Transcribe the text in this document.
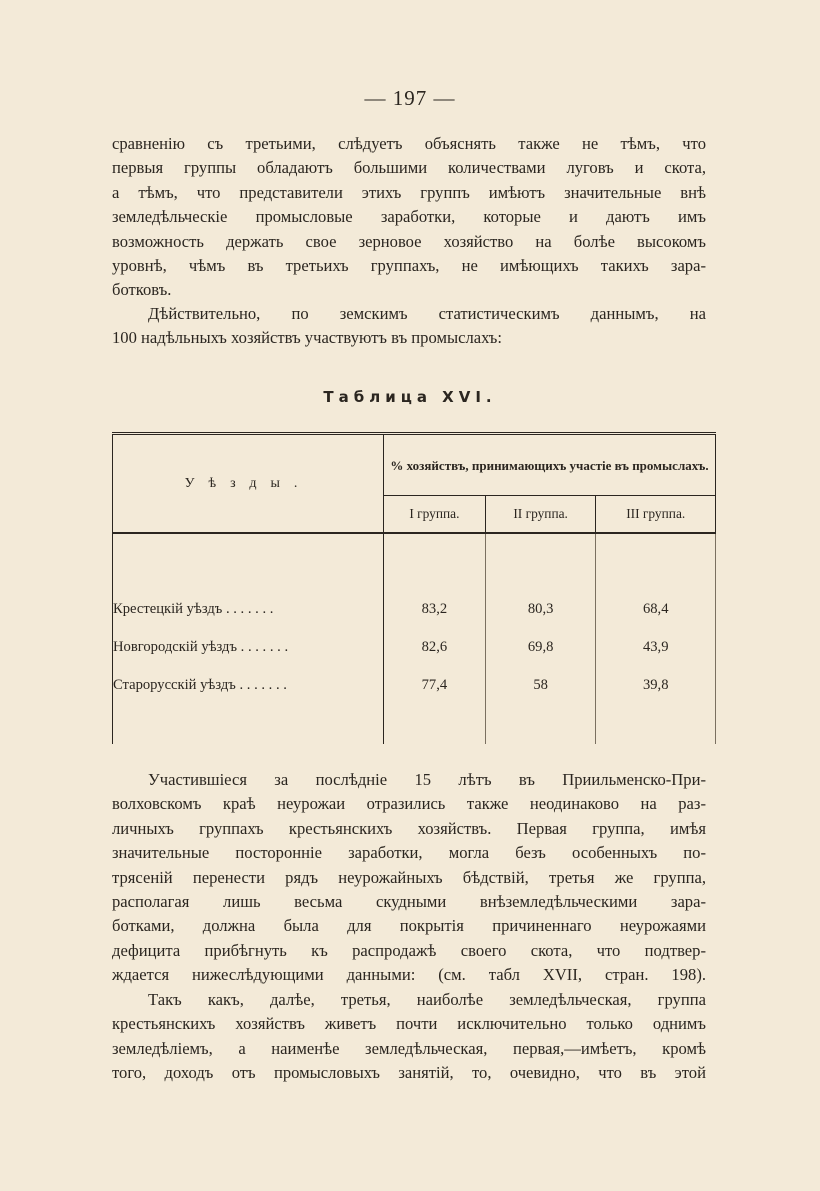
— 197 —

сравненію съ третьими, слѣдуетъ объяснять также не тѣмъ, что
первыя группы обладаютъ большими количествами луговъ и скота,
а тѣмъ, что представители этихъ группъ имѣютъ значительные внѣ
земледѣльческіе промысловые заработки, которые и даютъ имъ
возможность держать свое зерновое хозяйство на болѣе высокомъ
уровнѣ, чѣмъ въ третьихъ группахъ, не имѣющихъ такихъ зара-
ботковъ.

Дѣйствительно, по земскимъ статистическимъ даннымъ, на
100 надѣльныхъ хозяйствъ участвуютъ въ промыслахъ:

Таблица XVI.
Уѣзды.	% хозяйствъ, принимающихъ участіе въ промыслахъ.		
	I группа.	II группа.	III группа.

Крестецкій уѣздъ . . . . . . .	83,2	80,3	68,4
Новгородскій уѣздъ . . . . . . .	82,6	69,8	43,9
Старорусскій уѣздъ . . . . . . .	77,4	58	39,8

Участившіеся за послѣдніе 15 лѣтъ въ Приильменско-При-
волховскомъ краѣ неурожаи отразились также неодинаково на раз-
личныхъ группахъ крестьянскихъ хозяйствъ. Первая группа, имѣя
значительные посторонніе заработки, могла безъ особенныхъ по-
трясеній перенести рядъ неурожайныхъ бѣдствій, третья же группа,
располагая лишь весьма скудными внѣземледѣльческими зара-
ботками, должна была для покрытія причиненнаго неурожаями
дефицита прибѣгнуть къ распродажѣ своего скота, что подтвер-
ждается нижеслѣдующими данными: (см. табл XVII, стран. 198).

Такъ какъ, далѣе, третья, наиболѣе земледѣльческая, группа
крестьянскихъ хозяйствъ живетъ почти исключительно только однимъ
земледѣліемъ, а наименѣе земледѣльческая, первая,—имѣетъ, кромѣ
того, доходъ отъ промысловыхъ занятій, то, очевидно, что въ этой
